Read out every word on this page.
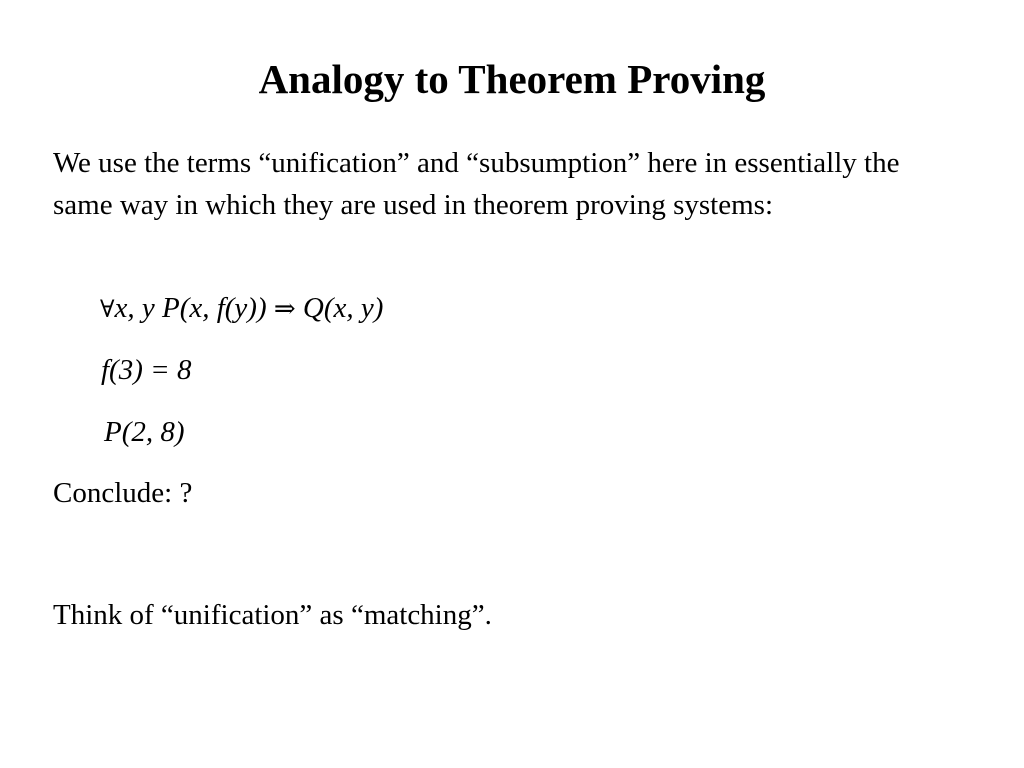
Analogy to Theorem Proving

We use the terms “unification” and “subsumption” here in essentially the same way in which they are used in theorem proving systems:

∀x, y P(x, f(y)) ⇒ Q(x, y)

f(3) = 8

P(2, 8)

Conclude: ?

Think of “unification” as “matching”.
